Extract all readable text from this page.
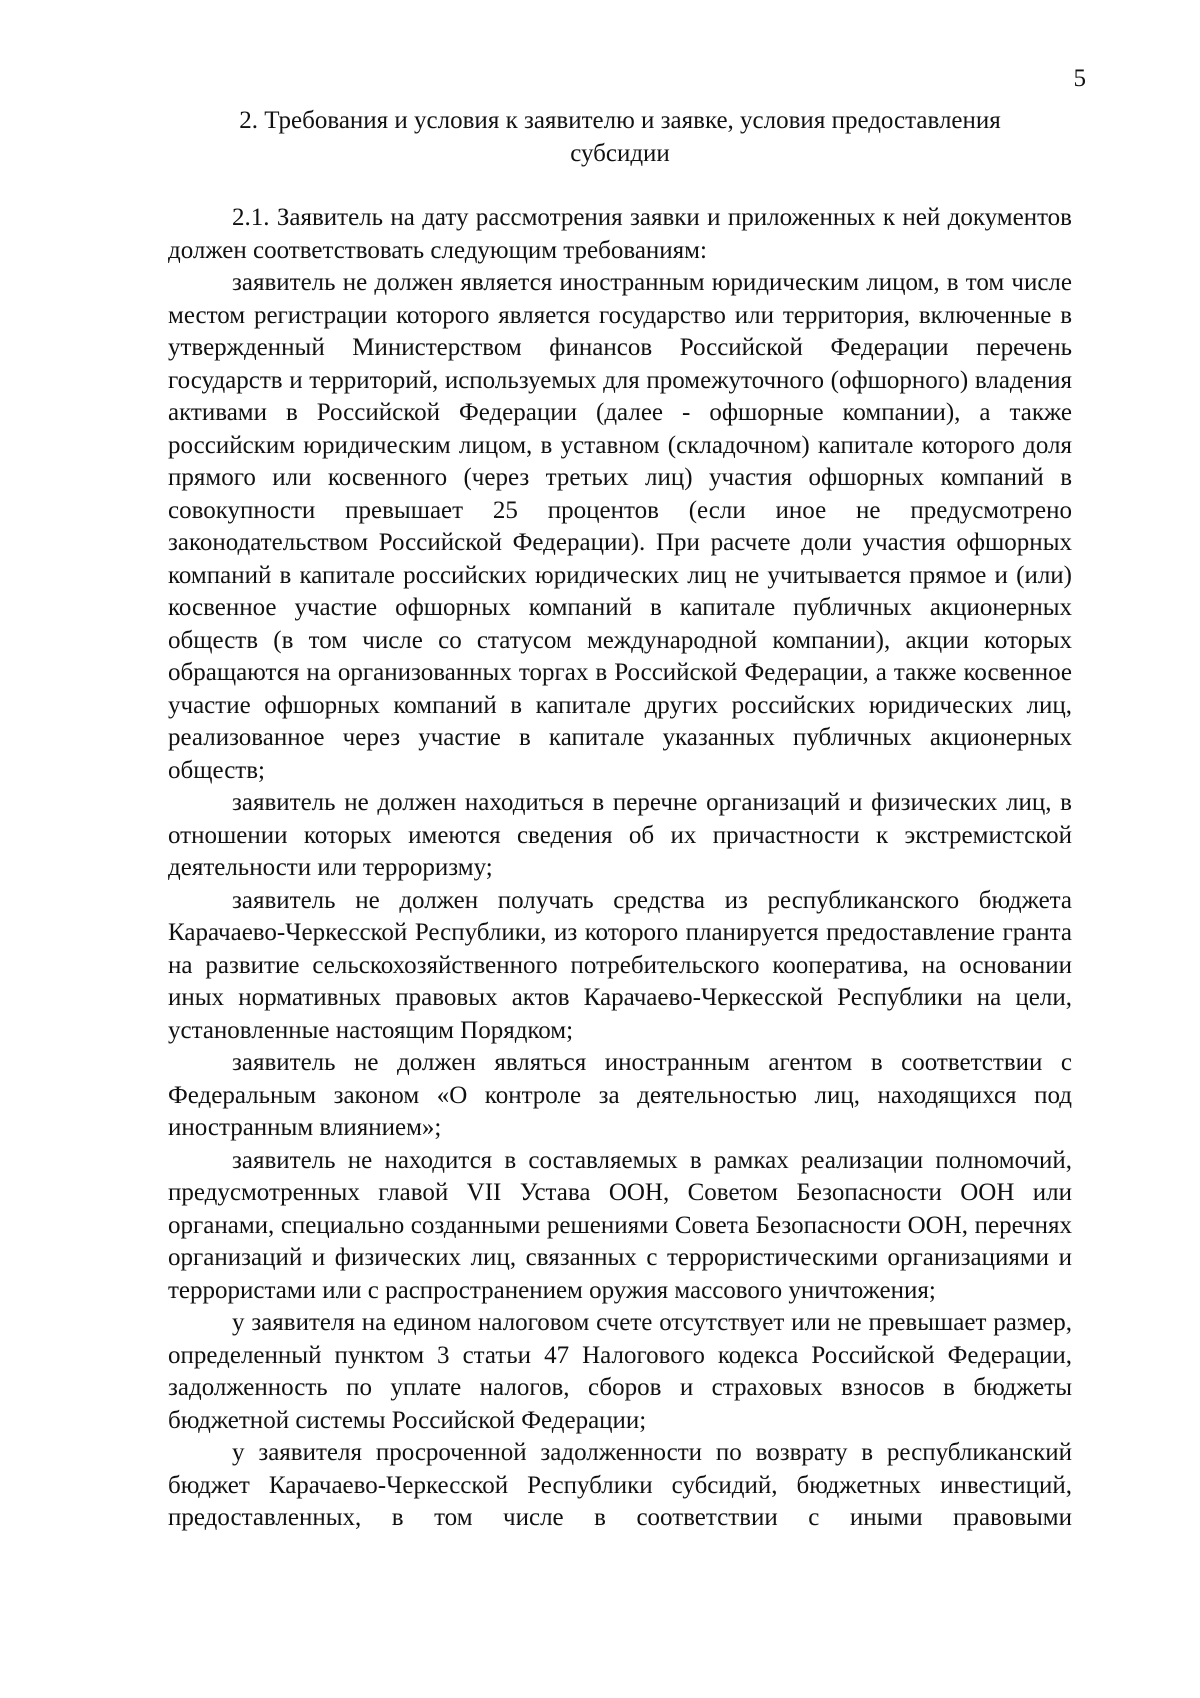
5
2. Требования и условия к заявителю и заявке, условия предоставления
субсидии

2.1. Заявитель на дату рассмотрения заявки и приложенных к ней документов должен соответствовать следующим требованиям:

заявитель не должен является иностранным юридическим лицом, в том числе местом регистрации которого является государство или территория, включенные в утвержденный Министерством финансов Российской Федерации перечень государств и территорий, используемых для промежуточного (офшорного) владения активами в Российской Федерации (далее - офшорные компании), а также российским юридическим лицом, в уставном (складочном) капитале которого доля прямого или косвенного (через третьих лиц) участия офшорных компаний в совокупности превышает 25 процентов (если иное не предусмотрено законодательством Российской Федерации). При расчете доли участия офшорных компаний в капитале российских юридических лиц не учитывается прямое и (или) косвенное участие офшорных компаний в капитале публичных акционерных обществ (в том числе со статусом международной компании), акции которых обращаются на организованных торгах в Российской Федерации, а также косвенное участие офшорных компаний в капитале других российских юридических лиц, реализованное через участие в капитале указанных публичных акционерных обществ;

заявитель не должен находиться в перечне организаций и физических лиц, в отношении которых имеются сведения об их причастности к экстремистской деятельности или терроризму;

заявитель не должен получать средства из республиканского бюджета Карачаево-Черкесской Республики, из которого планируется предоставление гранта на развитие сельскохозяйственного потребительского кооператива, на основании иных нормативных правовых актов Карачаево-Черкесской Республики на цели, установленные настоящим Порядком;

заявитель не должен являться иностранным агентом в соответствии с Федеральным законом «О контроле за деятельностью лиц, находящихся под иностранным влиянием»;

заявитель не находится в составляемых в рамках реализации полномочий, предусмотренных главой VII Устава ООН, Советом Безопасности ООН или органами, специально созданными решениями Совета Безопасности ООН, перечнях организаций и физических лиц, связанных с террористическими организациями и террористами или с распространением оружия массового уничтожения;

у заявителя на едином налоговом счете отсутствует или не превышает размер, определенный пунктом 3 статьи 47 Налогового кодекса Российской Федерации, задолженность по уплате налогов, сборов и страховых взносов в бюджеты бюджетной системы Российской Федерации;

у заявителя просроченной задолженности по возврату в республиканский бюджет Карачаево-Черкесской Республики субсидий, бюджетных инвестиций, предоставленных, в том числе в соответствии с иными правовыми
